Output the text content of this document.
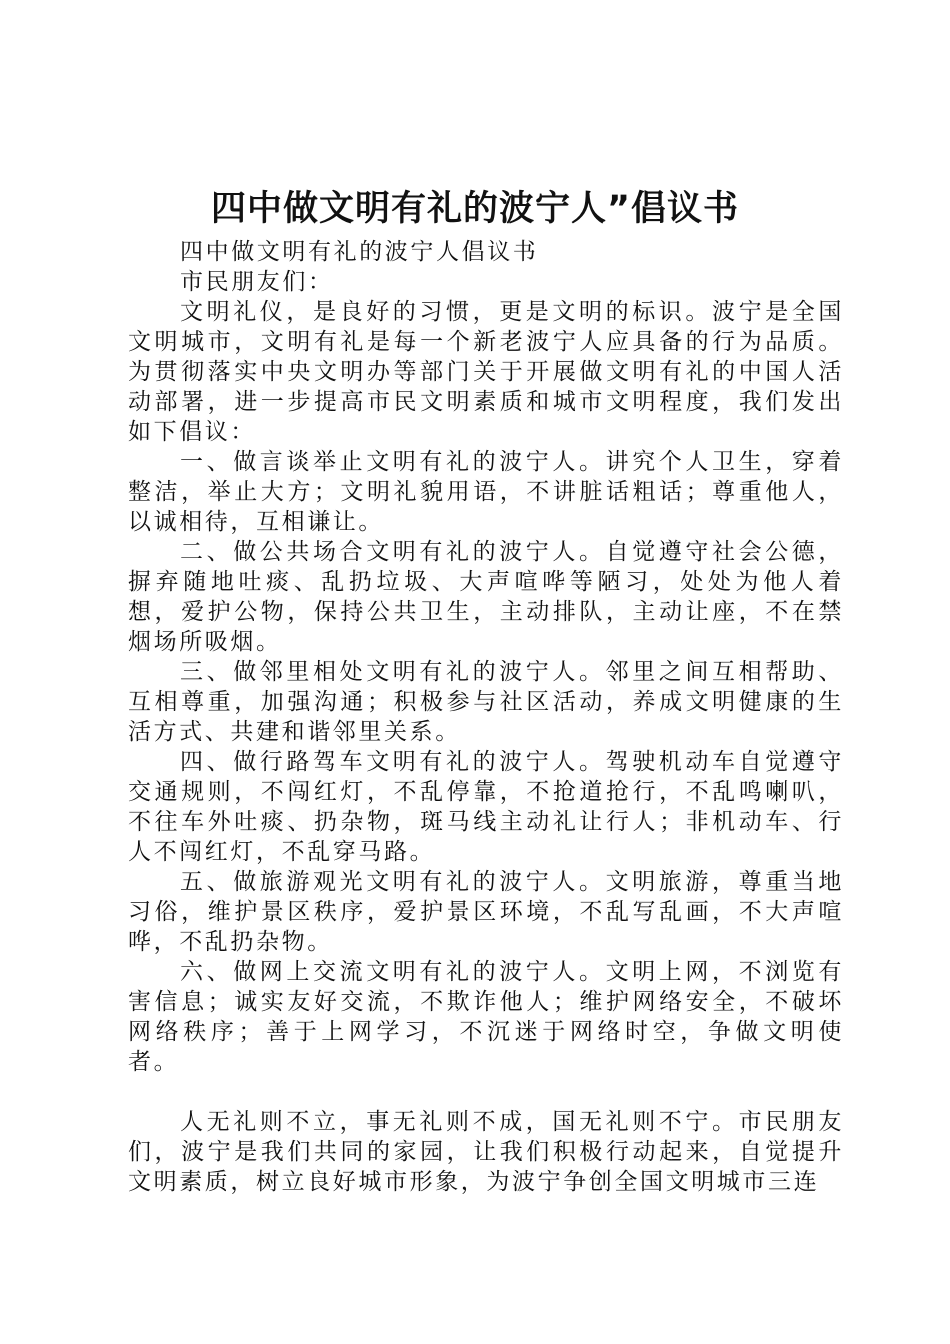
四中做文明有礼的波宁人”倡议书

四中做文明有礼的波宁人倡议书

市民朋友们：

文明礼仪，是良好的习惯，更是文明的标识。波宁是全国文明城市，文明有礼是每一个新老波宁人应具备的行为品质。为贯彻落实中央文明办等部门关于开展做文明有礼的中国人活动部署，进一步提高市民文明素质和城市文明程度，我们发出如下倡议：

一、做言谈举止文明有礼的波宁人。讲究个人卫生，穿着整洁，举止大方；文明礼貌用语，不讲脏话粗话；尊重他人，以诚相待，互相谦让。

二、做公共场合文明有礼的波宁人。自觉遵守社会公德，摒弃随地吐痰、乱扔垃圾、大声喧哗等陋习，处处为他人着想，爱护公物，保持公共卫生，主动排队，主动让座，不在禁烟场所吸烟。

三、做邻里相处文明有礼的波宁人。邻里之间互相帮助、互相尊重，加强沟通；积极参与社区活动，养成文明健康的生活方式、共建和谐邻里关系。

四、做行路驾车文明有礼的波宁人。驾驶机动车自觉遵守交通规则，不闯红灯，不乱停靠，不抢道抢行，不乱鸣喇叭，不往车外吐痰、扔杂物，斑马线主动礼让行人；非机动车、行人不闯红灯，不乱穿马路。

五、做旅游观光文明有礼的波宁人。文明旅游，尊重当地习俗，维护景区秩序，爱护景区环境，不乱写乱画，不大声喧哗，不乱扔杂物。

六、做网上交流文明有礼的波宁人。文明上网，不浏览有害信息；诚实友好交流，不欺诈他人；维护网络安全，不破坏网络秩序；善于上网学习，不沉迷于网络时空，争做文明使者。

人无礼则不立，事无礼则不成，国无礼则不宁。市民朋友们，波宁是我们共同的家园，让我们积极行动起来，自觉提升文明素质，树立良好城市形象，为波宁争创全国文明城市三连
